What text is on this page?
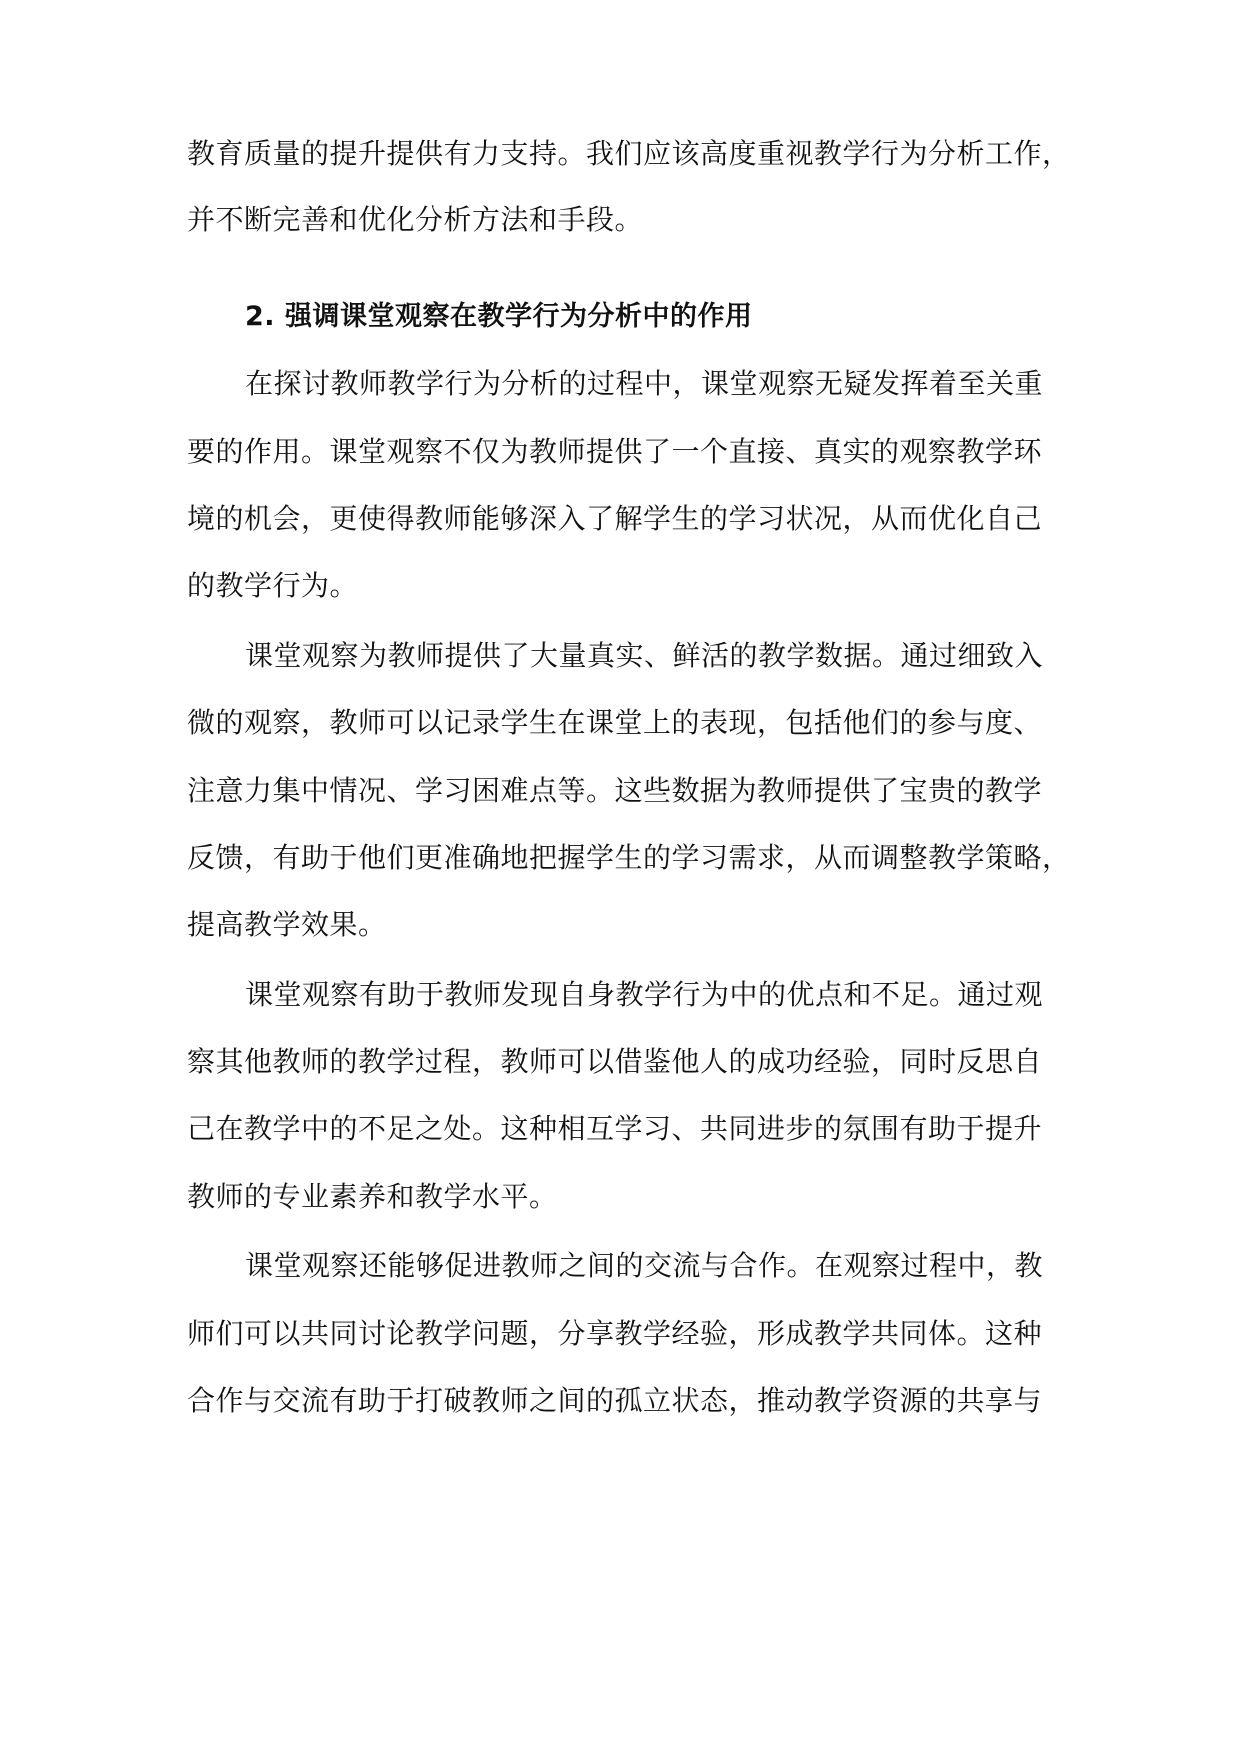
教育质量的提升提供有力支持。我们应该高度重视教学行为分析工作，
并不断完善和优化分析方法和手段。
2. 强调课堂观察在教学行为分析中的作用
在探讨教师教学行为分析的过程中，课堂观察无疑发挥着至关重
要的作用。课堂观察不仅为教师提供了一个直接、真实的观察教学环
境的机会，更使得教师能够深入了解学生的学习状况，从而优化自己
的教学行为。
课堂观察为教师提供了大量真实、鲜活的教学数据。通过细致入
微的观察，教师可以记录学生在课堂上的表现，包括他们的参与度、
注意力集中情况、学习困难点等。这些数据为教师提供了宝贵的教学
反馈，有助于他们更准确地把握学生的学习需求，从而调整教学策略，
提高教学效果。
课堂观察有助于教师发现自身教学行为中的优点和不足。通过观
察其他教师的教学过程，教师可以借鉴他人的成功经验，同时反思自
己在教学中的不足之处。这种相互学习、共同进步的氛围有助于提升
教师的专业素养和教学水平。
课堂观察还能够促进教师之间的交流与合作。在观察过程中，教
师们可以共同讨论教学问题，分享教学经验，形成教学共同体。这种
合作与交流有助于打破教师之间的孤立状态，推动教学资源的共享与
